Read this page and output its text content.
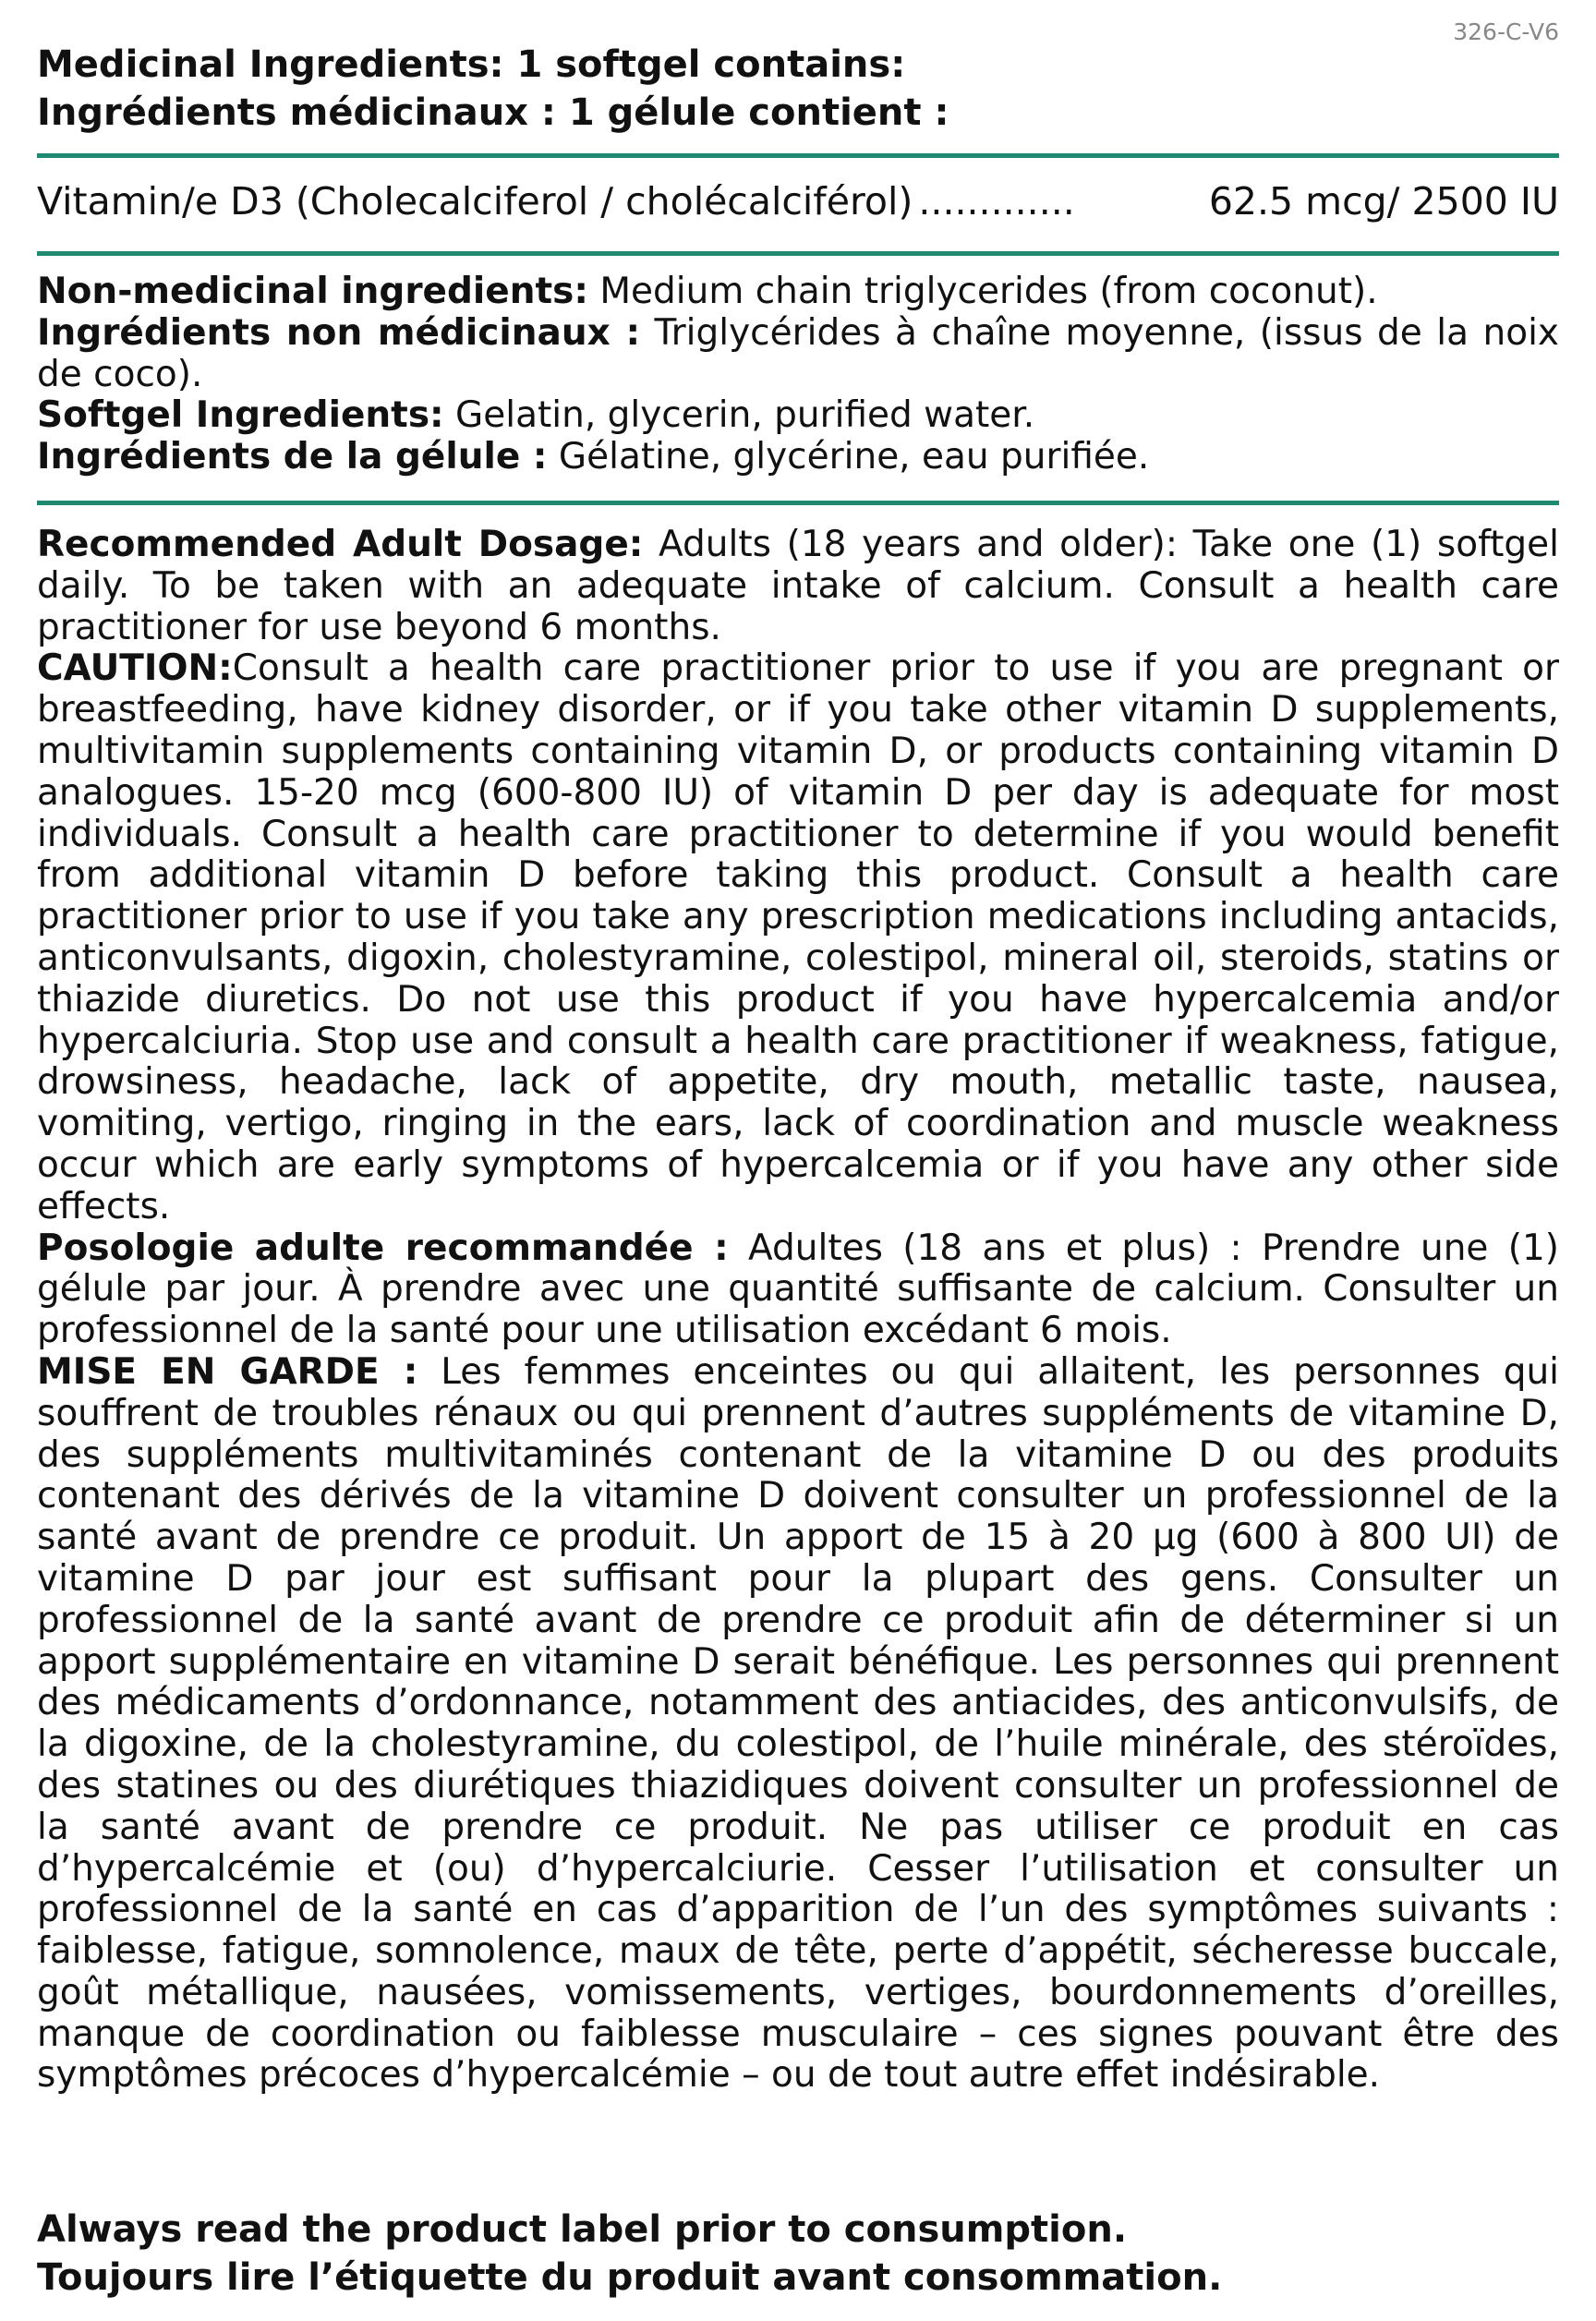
326-C-V6

Medicinal Ingredients: 1 softgel contains:

Ingrédients médicinaux : 1 gélule contient :

Vitamin/e D3 (Cholecalciferol / cholécalciférol) .............	62.5 mcg/ 2500 IU

Non-medicinal ingredients: Medium chain triglycerides (from coconut).

Ingrédients non médicinaux : Triglycérides à chaîne moyenne, (issus de la noix de coco).

Softgel Ingredients: Gelatin, glycerin, purified water.

Ingrédients de la gélule : Gélatine, glycérine, eau purifiée.

Recommended Adult Dosage: Adults (18 years and older): Take one (1) softgel daily. To be taken with an adequate intake of calcium. Consult a health care practitioner for use beyond 6 months.

CAUTION:Consult a health care practitioner prior to use if you are pregnant or breastfeeding, have kidney disorder, or if you take other vitamin D supplements, multivitamin supplements containing vitamin D, or products containing vitamin D analogues. 15-20 mcg (600-800 IU) of vitamin D per day is adequate for most individuals. Consult a health care practitioner to determine if you would benefit from additional vitamin D before taking this product. Consult a health care practitioner prior to use if you take any prescription medications including antacids, anticonvulsants, digoxin, cholestyramine, colestipol, mineral oil, steroids, statins or thiazide diuretics. Do not use this product if you have hypercalcemia and/or hypercalciuria. Stop use and consult a health care practitioner if weakness, fatigue, drowsiness, headache, lack of appetite, dry mouth, metallic taste, nausea, vomiting, vertigo, ringing in the ears, lack of coordination and muscle weakness occur which are early symptoms of hypercalcemia or if you have any other side effects.

Posologie adulte recommandée : Adultes (18 ans et plus) : Prendre une (1) gélule par jour. À prendre avec une quantité suffisante de calcium. Consulter un professionnel de la santé pour une utilisation excédant 6 mois.

MISE EN GARDE : Les femmes enceintes ou qui allaitent, les personnes qui souffrent de troubles rénaux ou qui prennent d’autres suppléments de vitamine D, des suppléments multivitaminés contenant de la vitamine D ou des produits contenant des dérivés de la vitamine D doivent consulter un professionnel de la santé avant de prendre ce produit. Un apport de 15 à 20 µg (600 à 800 UI) de vitamine D par jour est suffisant pour la plupart des gens. Consulter un professionnel de la santé avant de prendre ce produit afin de déterminer si un apport supplémentaire en vitamine D serait bénéfique. Les personnes qui prennent des médicaments d’ordonnance, notamment des antiacides, des anticonvulsifs, de la digoxine, de la cholestyramine, du colestipol, de l’huile minérale, des stéroïdes, des statines ou des diurétiques thiazidiques doivent consulter un professionnel de la santé avant de prendre ce produit. Ne pas utiliser ce produit en cas d’hypercalcémie et (ou) d’hypercalciurie. Cesser l’utilisation et consulter un professionnel de la santé en cas d’apparition de l’un des symptômes suivants : faiblesse, fatigue, somnolence, maux de tête, perte d’appétit, sécheresse buccale, goût métallique, nausées, vomissements, vertiges, bourdonnements d’oreilles, manque de coordination ou faiblesse musculaire – ces signes pouvant être des symptômes précoces d’hypercalcémie – ou de tout autre effet indésirable.

Always read the product label prior to consumption.

Toujours lire l’étiquette du produit avant consommation.
